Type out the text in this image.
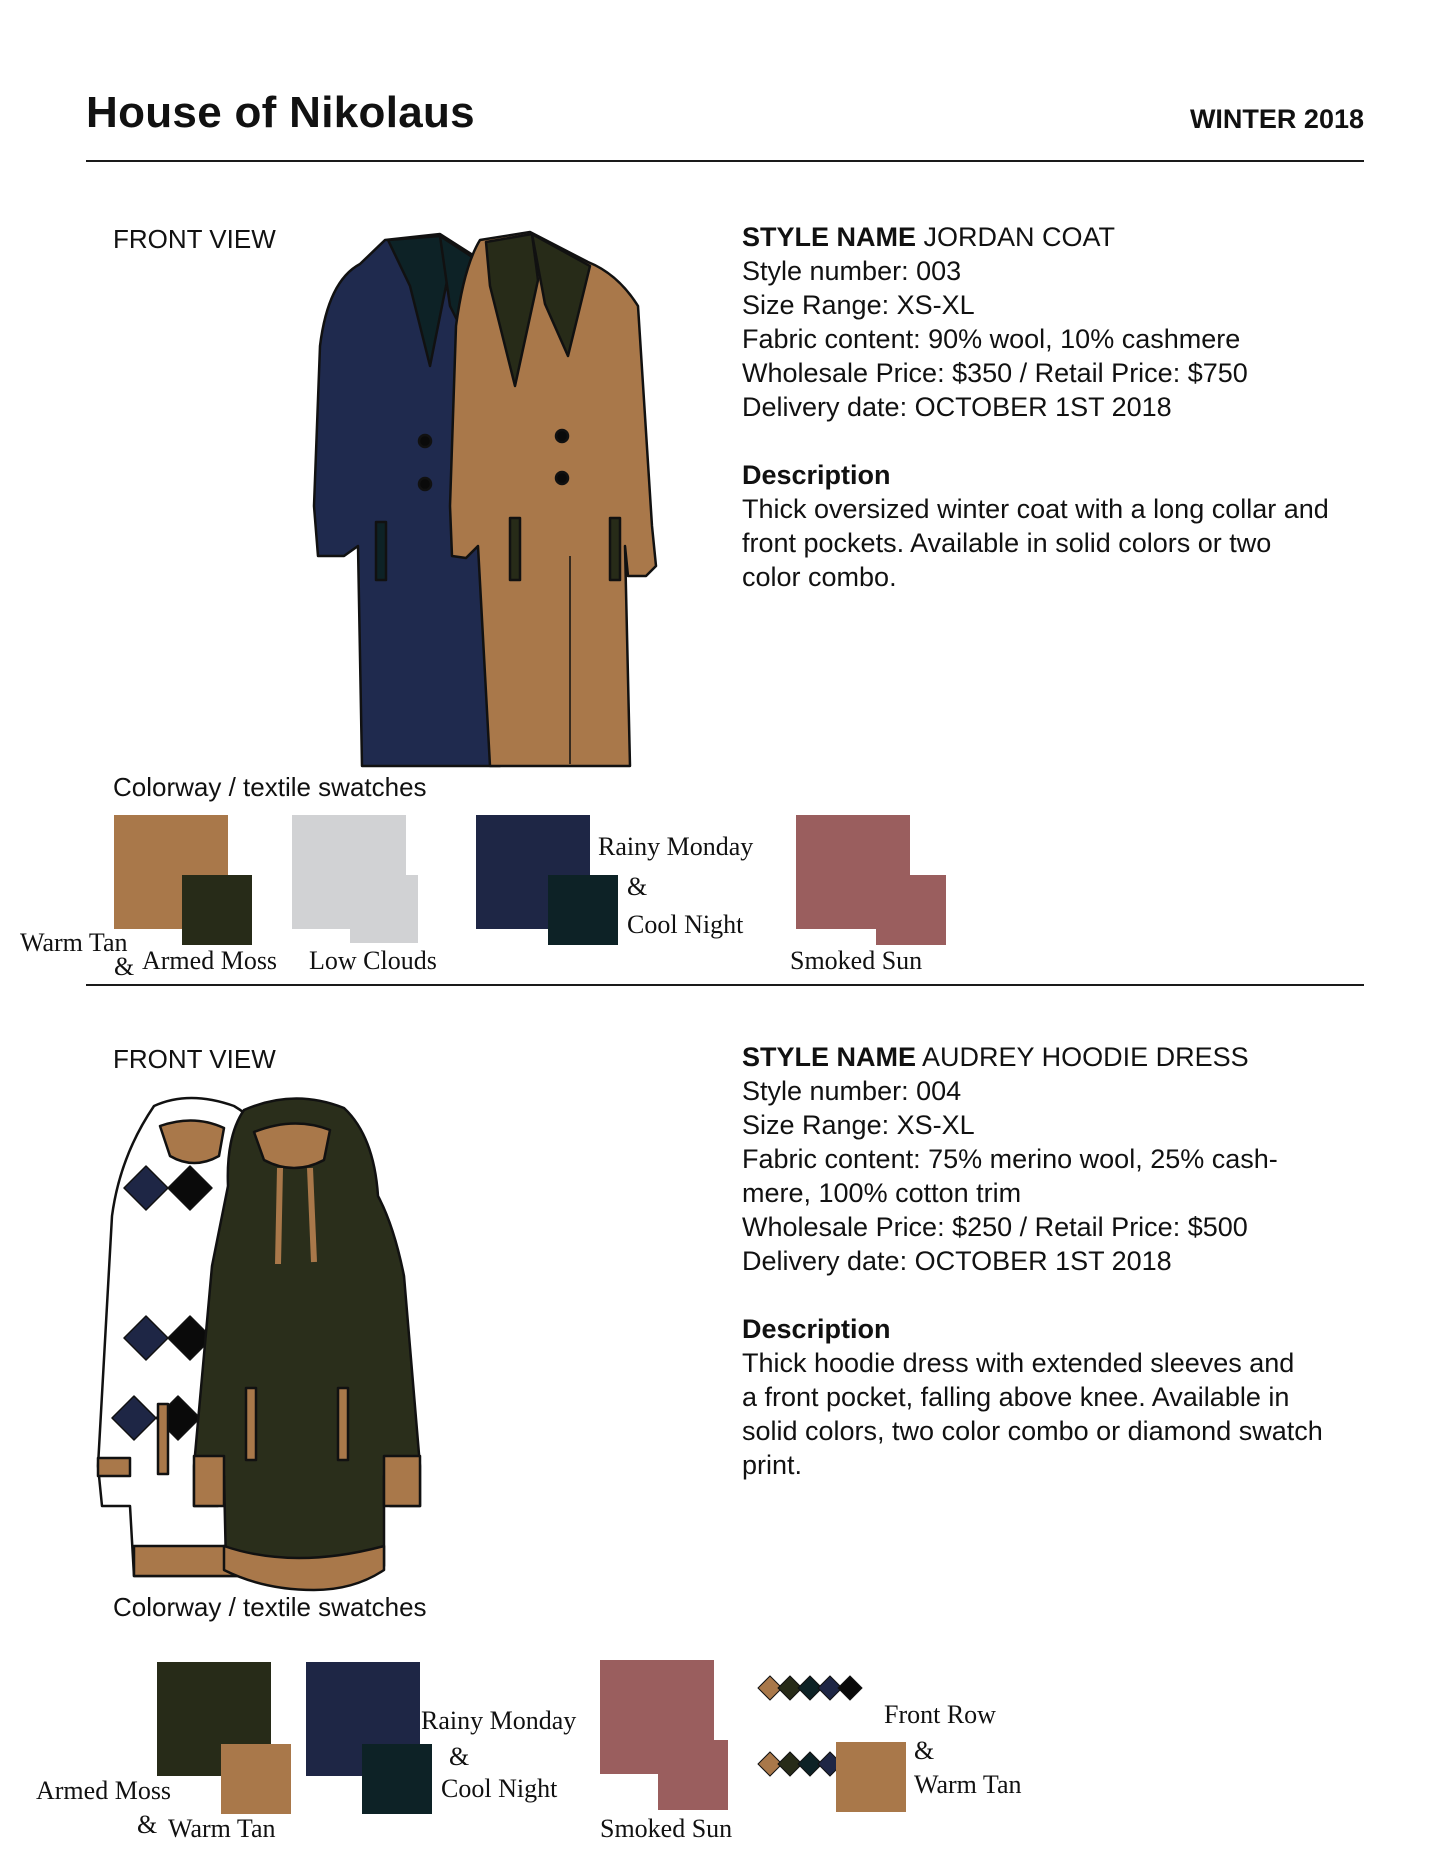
House of Nikolaus	WINTER 2018
FRONT VIEW	STYLE NAME JORDAN COAT
Style number: 003
Size Range: XS-XL
Fabric content: 90% wool, 10% cashmere
Wholesale Price: $350 / Retail Price: $750
Delivery date: OCTOBER 1ST 2018
Description
Thick oversized winter coat with a long collar and
front pockets. Available in solid colors or two
color combo.
Colorway / textile swatches
Warm Tan
& Armed Moss Low Clouds
Rainy Monday
&
Cool Night
Smoked Sun
FRONT VIEW	STYLE NAME AUDREY HOODIE DRESS
Style number: 004
Size Range: XS-XL
Fabric content: 75% merino wool, 25% cash-
mere, 100% cotton trim
Wholesale Price: $250 / Retail Price: $500
Delivery date: OCTOBER 1ST 2018
Description
Thick hoodie dress with extended sleeves and
a front pocket, falling above knee. Available in
solid colors, two color combo or diamond swatch
print.
Colorway / textile swatches
Armed Moss
& Warm Tan
Rainy Monday
&
Cool Night
Smoked Sun
Front Row
&
Warm Tan
